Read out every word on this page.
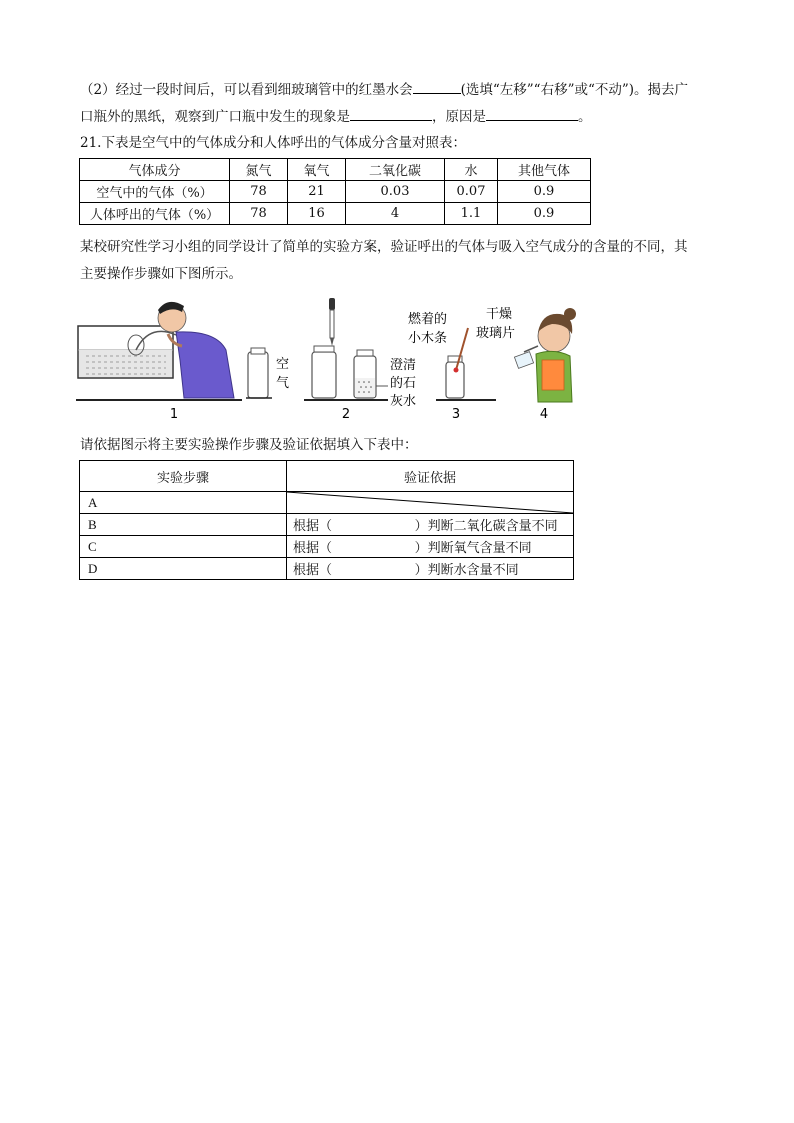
（2）经过一段时间后，可以看到细玻璃管中的红墨水会	(选填“左移”“右移”或“不动”)。揭去广
口瓶外的黑纸，观察到广口瓶中发生的现象是	，原因是	。
21.下表是空气中的气体成分和人体呼出的气体成分含量对照表：
气体成分	氮气	氧气	二氧化碳	水	其他气体
空气中的气体（%）	78	21	0.03	0.07	0.9
人体呼出的气体（%）	78	16	4	1.1	0.9
某校研究性学习小组的同学设计了简单的实验方案，验证呼出的气体与吸入空气成分的含量的不同，其
主要操作步骤如下图所示。
空
气
燃着的
小木条
澄清
的石
灰水
干燥
玻璃片
1	2	3	4
请依据图示将主要实验操作步骤及验证依据填入下表中：
实验步骤	验证依据
A	

B	根据（                    ）判断二氧化碳含量不同
C	根据（                    ）判断氧气含量不同
D	根据（                    ）判断水含量不同
